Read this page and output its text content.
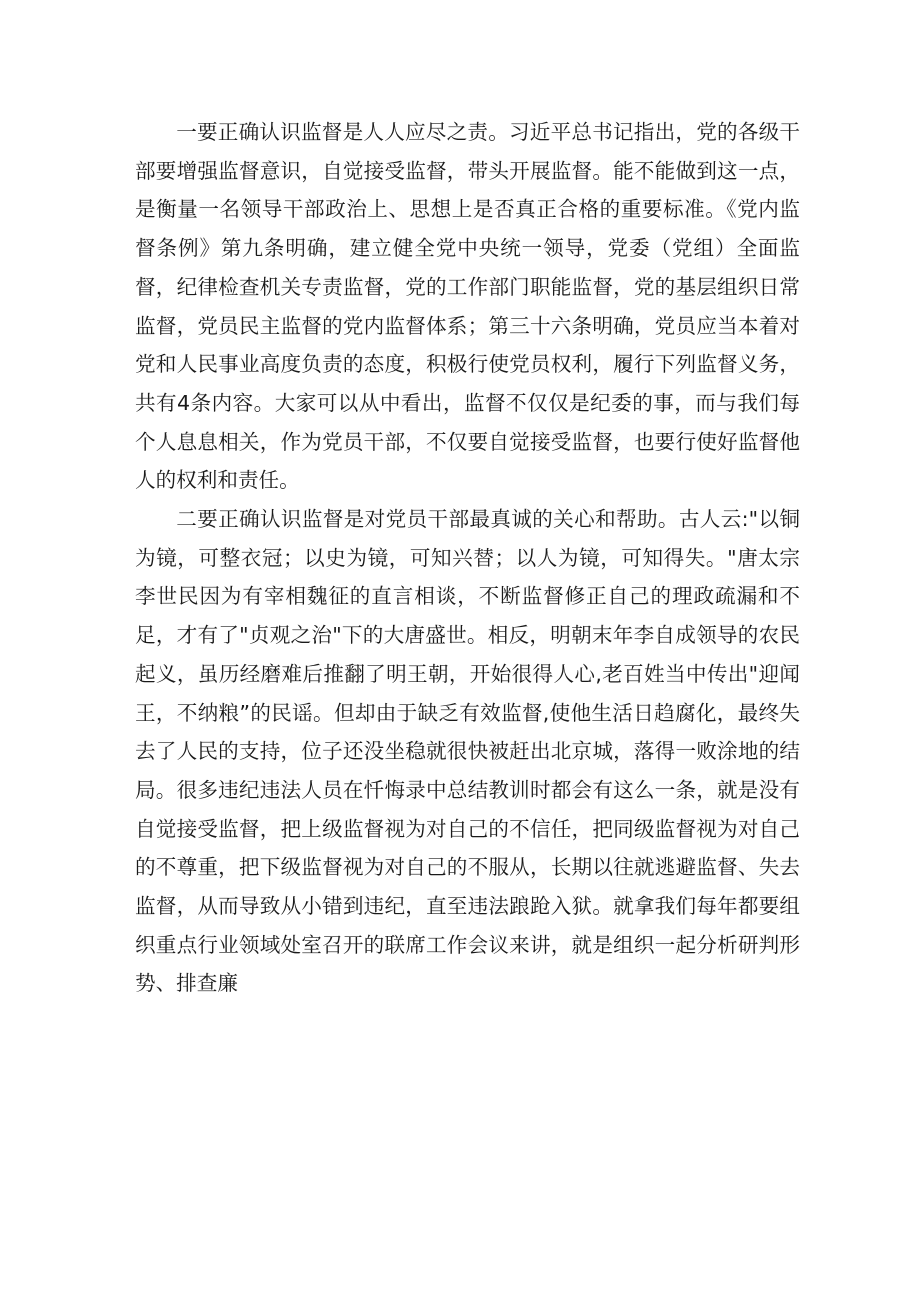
一要正确认识监督是人人应尽之责。习近平总书记指出，党的各级干部要增强监督意识，自觉接受监督，带头开展监督。能不能做到这一点，是衡量一名领导干部政治上、思想上是否真正合格的重要标准。《党内监督条例》第九条明确，建立健全党中央统一领导，党委（党组）全面监督，纪律检查机关专责监督，党的工作部门职能监督，党的基层组织日常监督，党员民主监督的党内监督体系；第三十六条明确，党员应当本着对党和人民事业高度负责的态度，积极行使党员权利，履行下列监督义务，共有4条内容。大家可以从中看出，监督不仅仅是纪委的事，而与我们每个人息息相关，作为党员干部，不仅要自觉接受监督，也要行使好监督他人的权利和责任。

二要正确认识监督是对党员干部最真诚的关心和帮助。古人云:"以铜为镜，可整衣冠；以史为镜，可知兴替；以人为镜，可知得失。"唐太宗李世民因为有宰相魏征的直言相谈，不断监督修正自己的理政疏漏和不足，才有了"贞观之治"下的大唐盛世。相反，明朝末年李自成领导的农民起义，虽历经磨难后推翻了明王朝，开始很得人心,老百姓当中传出"迎闻王，不纳粮”的民谣。但却由于缺乏有效监督,使他生活日趋腐化，最终失去了人民的支持，位子还没坐稳就很快被赶出北京城，落得一败涂地的结局。很多违纪违法人员在忏悔录中总结教训时都会有这么一条，就是没有自觉接受监督，把上级监督视为对自己的不信任，把同级监督视为对自己的不尊重，把下级监督视为对自己的不服从，长期以往就逃避监督、失去监督，从而导致从小错到违纪，直至违法踉跄入狱。就拿我们每年都要组织重点行业领域处室召开的联席工作会议来讲，就是组织一起分析研判形势、排查廉
